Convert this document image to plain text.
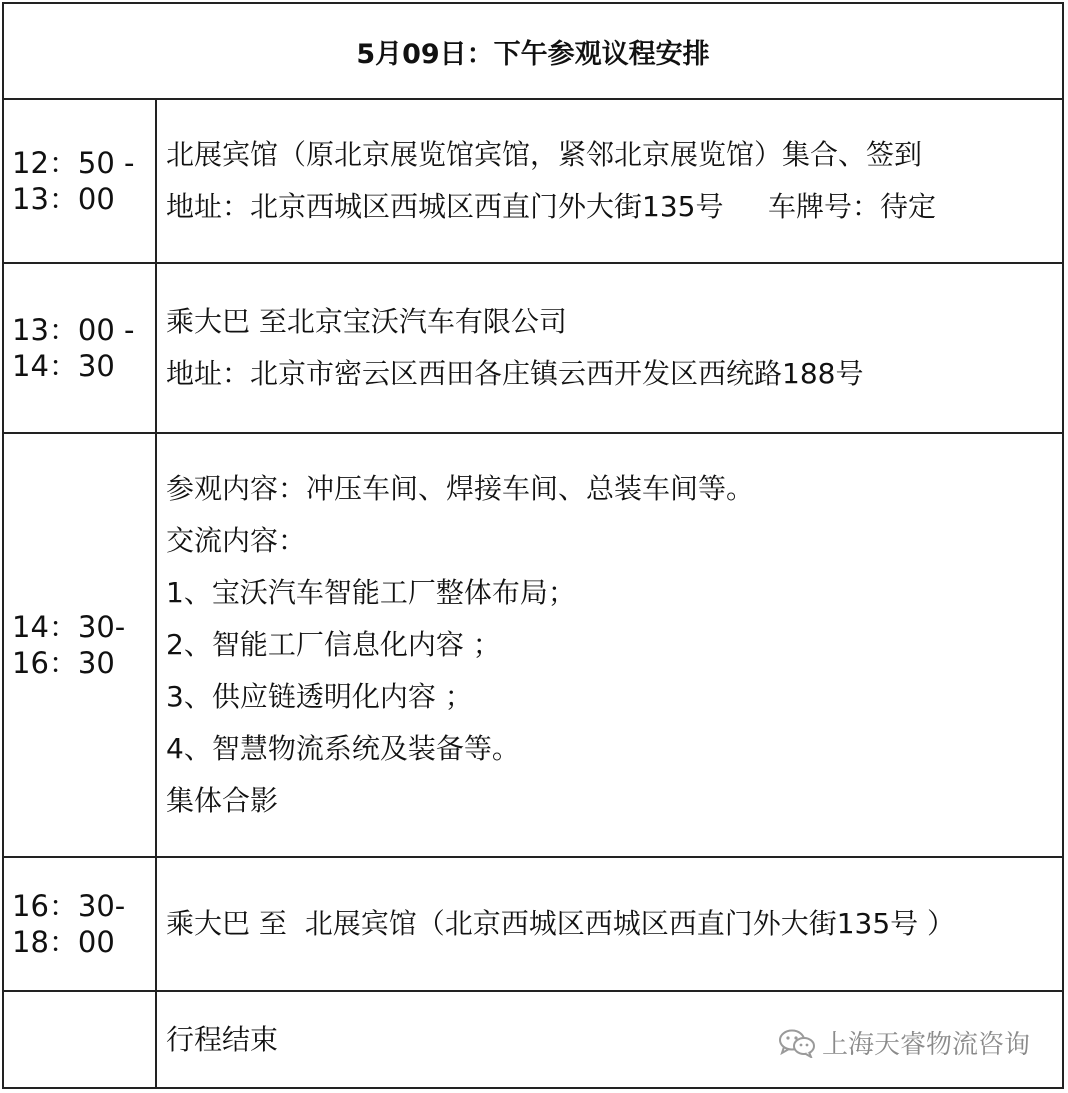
5月09日：下午参观议程安排
12：50 -
13：00
北展宾馆（原北京展览馆宾馆，紧邻北京展览馆）集合、签到
地址：北京西城区西城区西直门外大街135号     车牌号：待定
13：00 -
14：30
乘大巴 至北京宝沃汽车有限公司
地址：北京市密云区西田各庄镇云西开发区西统路188号
14：30-
16：30
参观内容：冲压车间、焊接车间、总装车间等。
交流内容：
1、宝沃汽车智能工厂整体布局；
2、智能工厂信息化内容 ；
3、供应链透明化内容 ；
4、智慧物流系统及装备等。
集体合影
16：30-
18：00
乘大巴 至  北展宾馆（北京西城区西城区西直门外大街135号 ）
行程结束	上海天睿物流咨询
